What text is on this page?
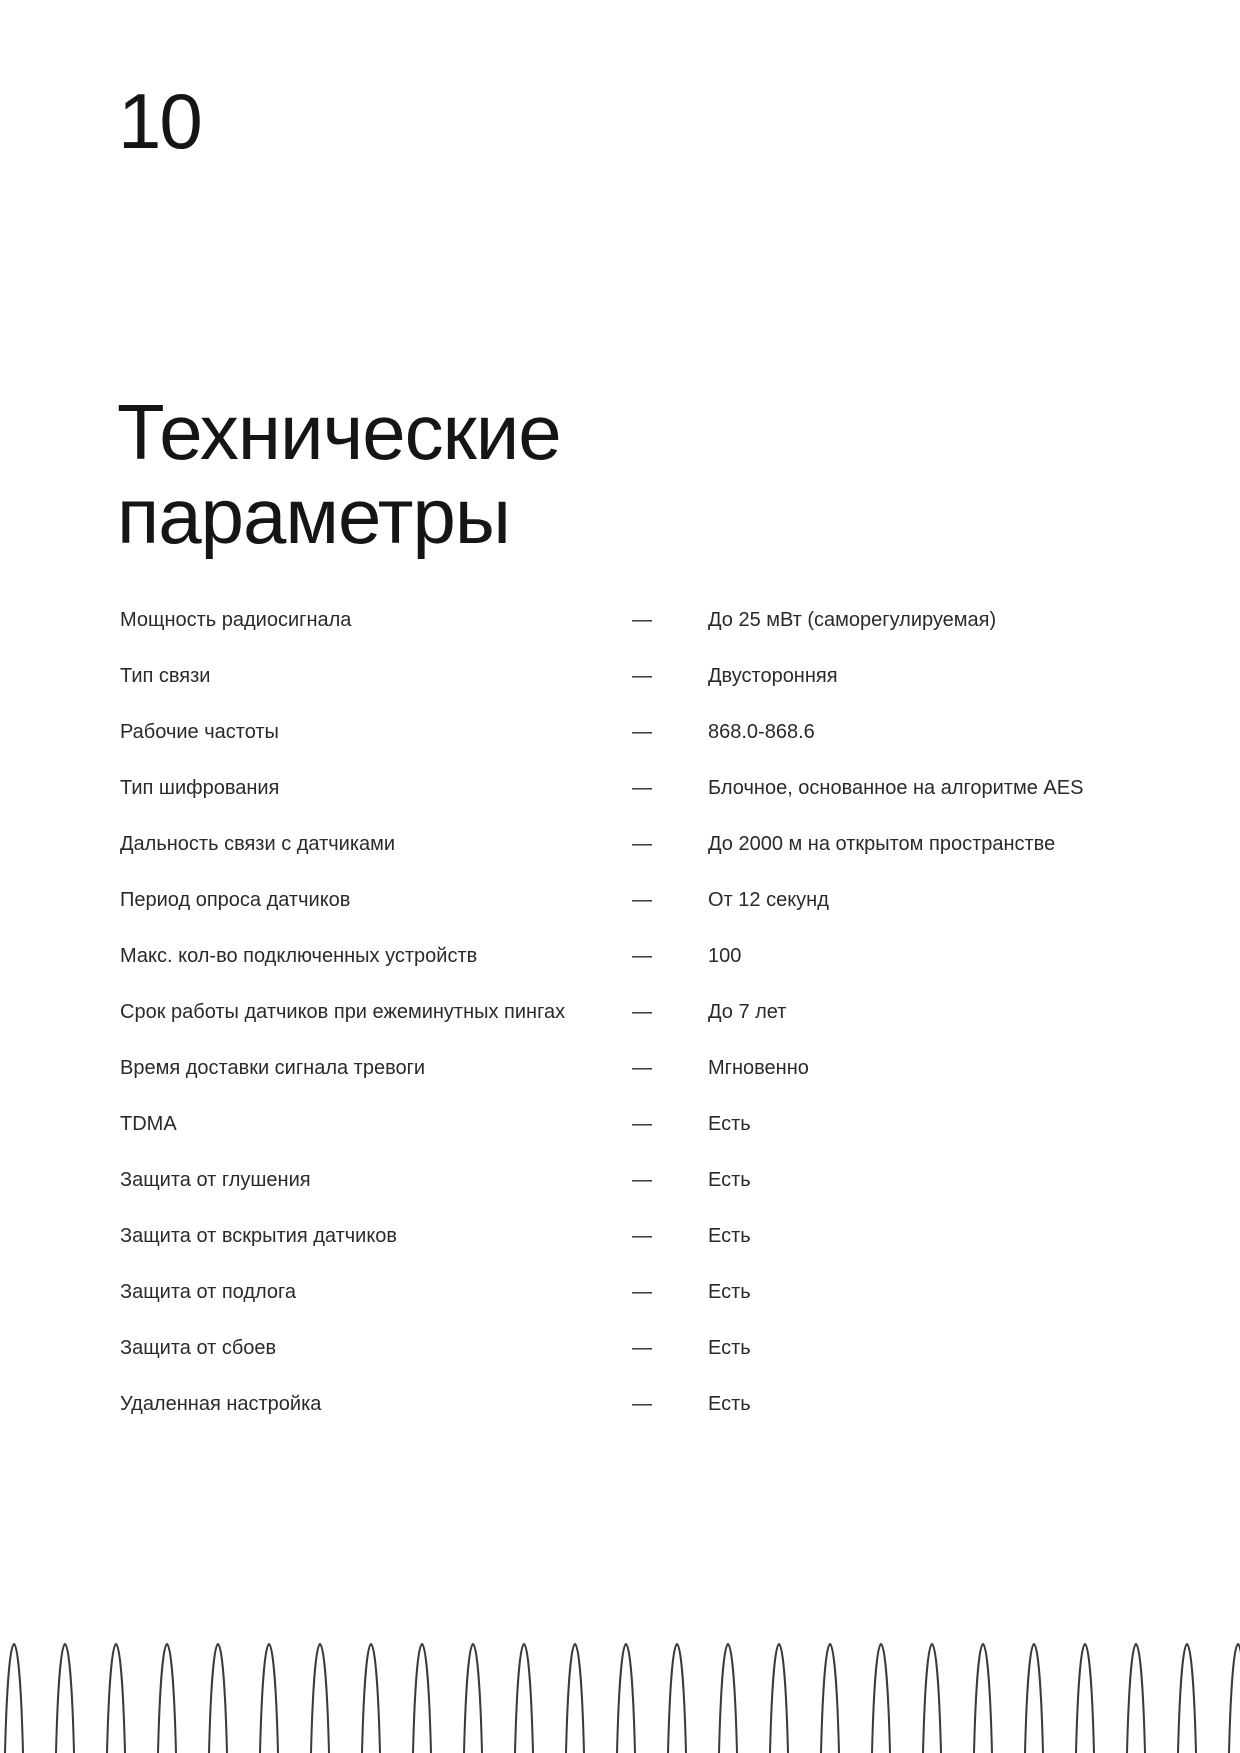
10
Технические
параметры
Мощность радиосигнала	—	До 25 мВт (саморегулируемая)
Тип связи	—	Двусторонняя
Рабочие частоты	—	868.0-868.6
Тип шифрования	—	Блочное, основанное на алгоритме AES
Дальность связи с датчиками	—	До 2000 м на открытом пространстве
Период опроса датчиков	—	От 12 секунд
Макс. кол-во подключенных устройств	—	100
Срок работы датчиков при ежеминутных пингах	—	До 7 лет
Время доставки сигнала тревоги	—	Мгновенно
TDMA	—	Есть
Защита от глушения	—	Есть
Защита от вскрытия датчиков	—	Есть
Защита от подлога	—	Есть
Защита от сбоев	—	Есть
Удаленная настройка	—	Есть
